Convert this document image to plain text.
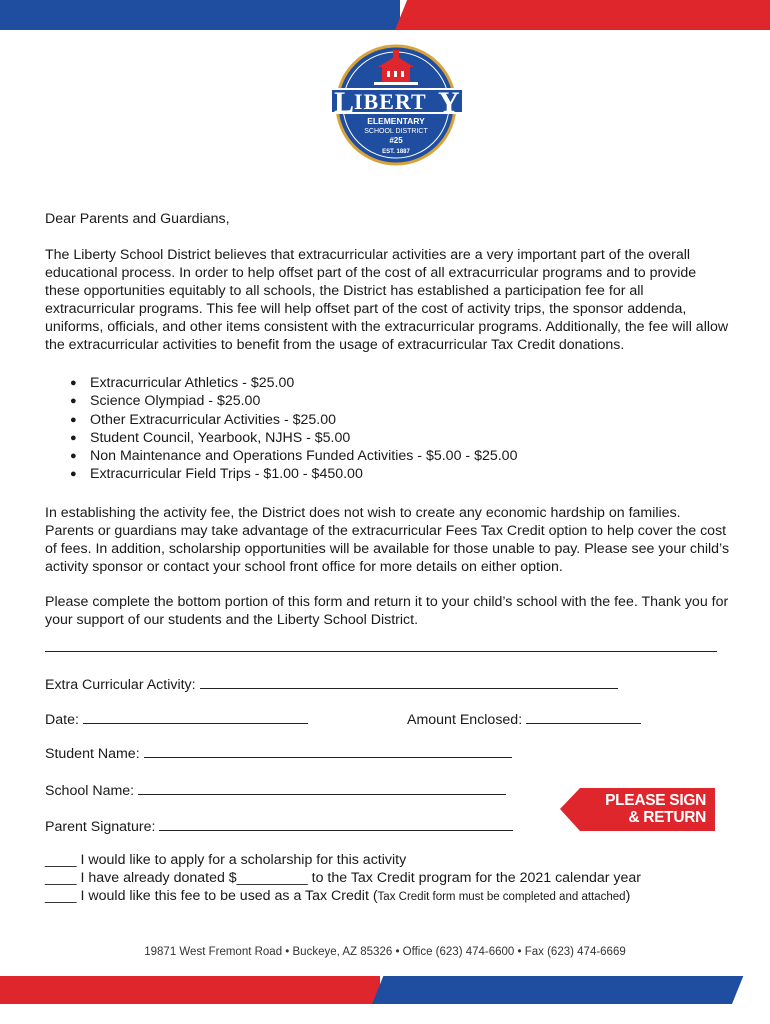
L IBERT Y
ELEMENTARY
SCHOOL DISTRICT
#25
EST. 1887

Dear Parents and Guardians,

The Liberty School District believes that extracurricular activities are a very important part of the overall educational process. In order to help offset part of the cost of all extracurricular programs and to provide these opportunities equitably to all schools, the District has established a participation fee for all extracurricular programs. This fee will help offset part of the cost of activity trips, the sponsor addenda, uniforms, officials, and other items consistent with the extracurricular programs. Additionally, the fee will allow the extracurricular activities to benefit from the usage of extracurricular Tax Credit donations.

● Extracurricular Athletics - $25.00
● Science Olympiad - $25.00
● Other Extracurricular Activities - $25.00
● Student Council, Yearbook, NJHS - $5.00
● Non Maintenance and Operations Funded Activities - $5.00 - $25.00
● Extracurricular Field Trips - $1.00 - $450.00

In establishing the activity fee, the District does not wish to create any economic hardship on families. Parents or guardians may take advantage of the extracurricular Fees Tax Credit option to help cover the cost of fees. In addition, scholarship opportunities will be available for those unable to pay. Please see your child’s activity sponsor or contact your school front office for more details on either option.

Please complete the bottom portion of this form and return it to your child’s school with the fee. Thank you for your support of our students and the Liberty School District.

Extra Curricular Activity:
Date:	Amount Enclosed:
Student Name:
School Name:
Parent Signature:
PLEASE SIGN
& RETURN
____ I would like to apply for a scholarship for this activity
____ I have already donated $_________ to the Tax Credit program for the 2021 calendar year
____ I would like this fee to be used as a Tax Credit (Tax Credit form must be completed and attached)
19871 West Fremont Road • Buckeye, AZ 85326 • Office (623) 474-6600 • Fax (623) 474-6669
